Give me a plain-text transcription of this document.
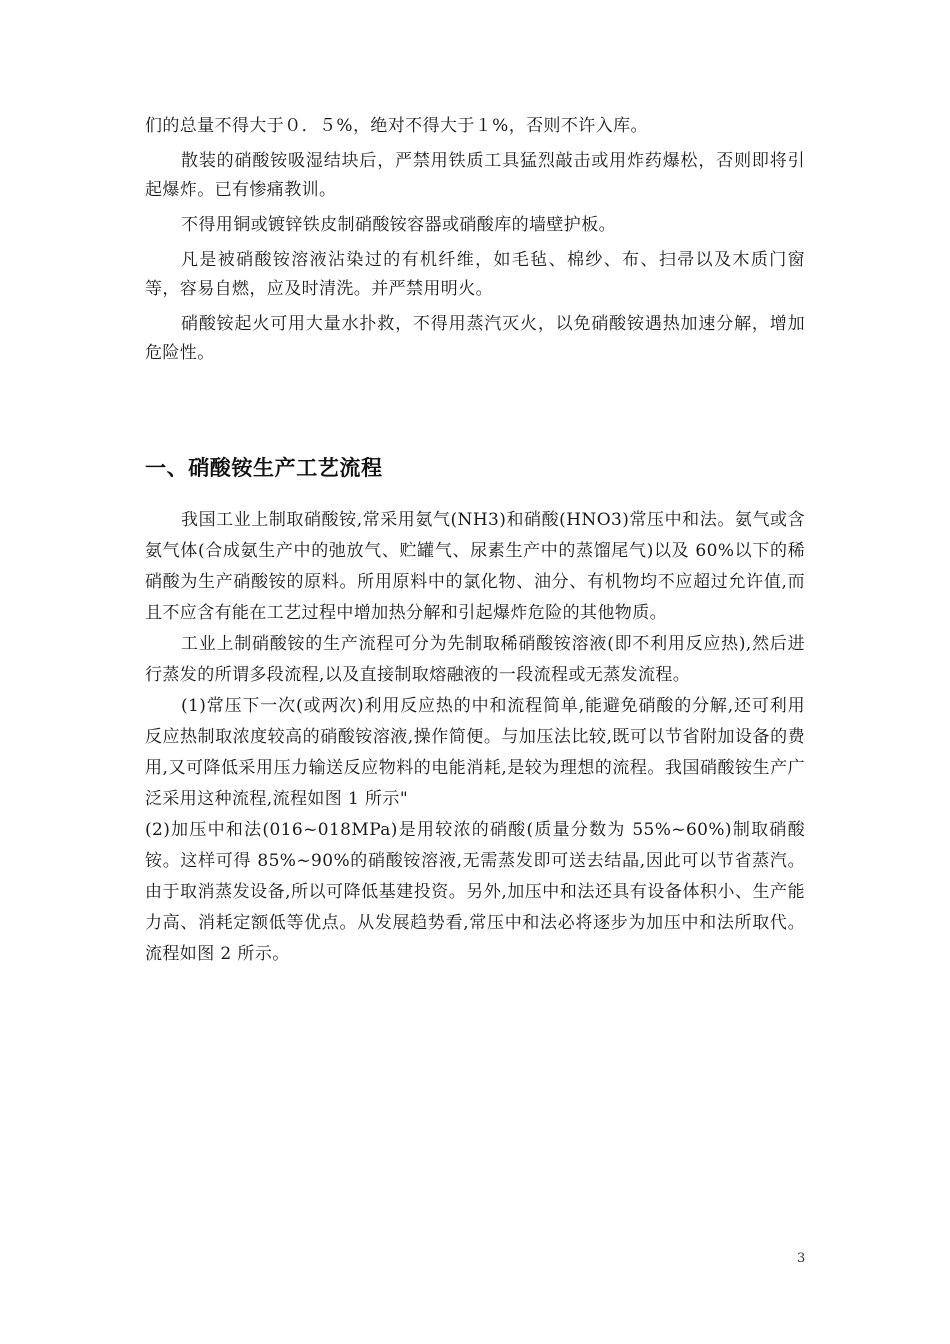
们的总量不得大于０．５%，绝对不得大于１%，否则不许入库。

散装的硝酸铵吸湿结块后，严禁用铁质工具猛烈敲击或用炸药爆松，否则即将引起爆炸。已有惨痛教训。

不得用铜或镀锌铁皮制硝酸铵容器或硝酸库的墙壁护板。

凡是被硝酸铵溶液沾染过的有机纤维，如毛毡、棉纱、布、扫帚以及木质门窗等，容易自燃，应及时清洗。并严禁用明火。

硝酸铵起火可用大量水扑救，不得用蒸汽灭火，以免硝酸铵遇热加速分解，增加危险性。

一、硝酸铵生产工艺流程

我国工业上制取硝酸铵,常采用氨气(NH3)和硝酸(HNO3)常压中和法。氨气或含氨气体(合成氨生产中的弛放气、贮罐气、尿素生产中的蒸馏尾气)以及 60%以下的稀硝酸为生产硝酸铵的原料。所用原料中的氯化物、油分、有机物均不应超过允许值,而且不应含有能在工艺过程中增加热分解和引起爆炸危险的其他物质。

工业上制硝酸铵的生产流程可分为先制取稀硝酸铵溶液(即不利用反应热),然后进行蒸发的所谓多段流程,以及直接制取熔融液的一段流程或无蒸发流程。

(1)常压下一次(或两次)利用反应热的中和流程简单,能避免硝酸的分解,还可利用反应热制取浓度较高的硝酸铵溶液,操作简便。与加压法比较,既可以节省附加设备的费用,又可降低采用压力输送反应物料的电能消耗,是较为理想的流程。我国硝酸铵生产广泛采用这种流程,流程如图 1 所示"

(2)加压中和法(016~018MPa)是用较浓的硝酸(质量分数为 55%~60%)制取硝酸铵。这样可得 85%~90%的硝酸铵溶液,无需蒸发即可送去结晶,因此可以节省蒸汽。由于取消蒸发设备,所以可降低基建投资。另外,加压中和法还具有设备体积小、生产能力高、消耗定额低等优点。从发展趋势看,常压中和法必将逐步为加压中和法所取代。流程如图 2 所示。

3
